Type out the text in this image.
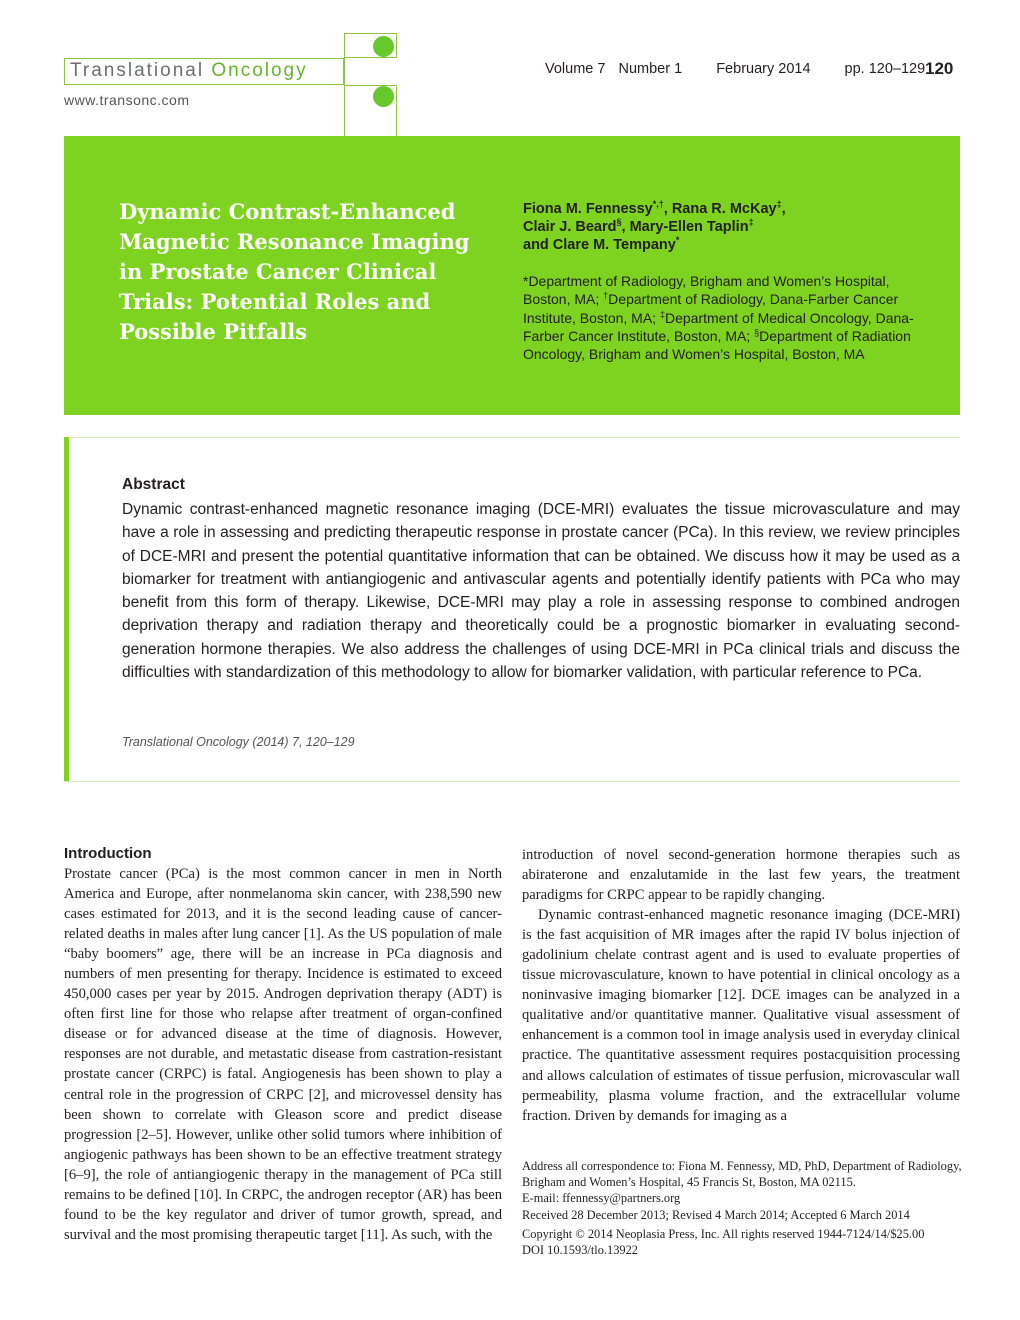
Translational Oncology
www.transonc.com
Volume 7 Number 1 February 2014 pp. 120–129 120
Dynamic Contrast-Enhanced Magnetic Resonance Imaging in Prostate Cancer Clinical Trials: Potential Roles and Possible Pitfalls
Fiona M. Fennessy*,†, Rana R. McKay‡,
Clair J. Beard§, Mary-Ellen Taplin‡
and Clare M. Tempany*
*Department of Radiology, Brigham and Women’s Hospital, Boston, MA; †Department of Radiology, Dana-Farber Cancer Institute, Boston, MA; ‡Department of Medical Oncology, Dana-Farber Cancer Institute, Boston, MA; §Department of Radiation Oncology, Brigham and Women’s Hospital, Boston, MA
Abstract
Dynamic contrast-enhanced magnetic resonance imaging (DCE-MRI) evaluates the tissue microvasculature and may have a role in assessing and predicting therapeutic response in prostate cancer (PCa). In this review, we review principles of DCE-MRI and present the potential quantitative information that can be obtained. We discuss how it may be used as a biomarker for treatment with antiangiogenic and antivascular agents and potentially identify patients with PCa who may benefit from this form of therapy. Likewise, DCE-MRI may play a role in assessing response to combined androgen deprivation therapy and radiation therapy and theoretically could be a prognostic biomarker in evaluating second-generation hormone therapies. We also address the challenges of using DCE-MRI in PCa clinical trials and discuss the difficulties with standardization of this methodology to allow for biomarker validation, with particular reference to PCa.
Translational Oncology (2014) 7, 120–129
Introduction

Prostate cancer (PCa) is the most common cancer in men in North America and Europe, after nonmelanoma skin cancer, with 238,590 new cases estimated for 2013, and it is the second leading cause of cancer-related deaths in males after lung cancer [1]. As the US population of male “baby boomers” age, there will be an increase in PCa diagnosis and numbers of men presenting for therapy. Incidence is estimated to exceed 450,000 cases per year by 2015. Androgen deprivation therapy (ADT) is often first line for those who relapse after treatment of organ-confined disease or for advanced disease at the time of diagnosis. However, responses are not durable, and metastatic disease from castration-resistant prostate cancer (CRPC) is fatal. Angiogenesis has been shown to play a central role in the progression of CRPC [2], and microvessel density has been shown to correlate with Gleason score and predict disease progression [2–5]. However, unlike other solid tumors where inhibition of angiogenic pathways has been shown to be an effective treatment strategy [6–9], the role of antiangiogenic therapy in the management of PCa still remains to be defined [10]. In CRPC, the androgen receptor (AR) has been found to be the key regulator and driver of tumor growth, spread, and survival and the most promising therapeutic target [11]. As such, with the

introduction of novel second-generation hormone therapies such as abiraterone and enzalutamide in the last few years, the treatment paradigms for CRPC appear to be rapidly changing.

Dynamic contrast-enhanced magnetic resonance imaging (DCE-MRI) is the fast acquisition of MR images after the rapid IV bolus injection of gadolinium chelate contrast agent and is used to evaluate properties of tissue microvasculature, known to have potential in clinical oncology as a noninvasive imaging biomarker [12]. DCE images can be analyzed in a qualitative and/or quantitative manner. Qualitative visual assessment of enhancement is a common tool in image analysis used in everyday clinical practice. The quantitative assessment requires postacquisition processing and allows calculation of estimates of tissue perfusion, microvascular wall permeability, plasma volume fraction, and the extracellular volume fraction. Driven by demands for imaging as a

Address all correspondence to: Fiona M. Fennessy, MD, PhD, Department of Radiology, Brigham and Women’s Hospital, 45 Francis St, Boston, MA 02115.
E-mail: ffennessy@partners.org
Received 28 December 2013; Revised 4 March 2014; Accepted 6 March 2014
Copyright © 2014 Neoplasia Press, Inc. All rights reserved 1944-7124/14/$25.00
DOI 10.1593/tlo.13922
